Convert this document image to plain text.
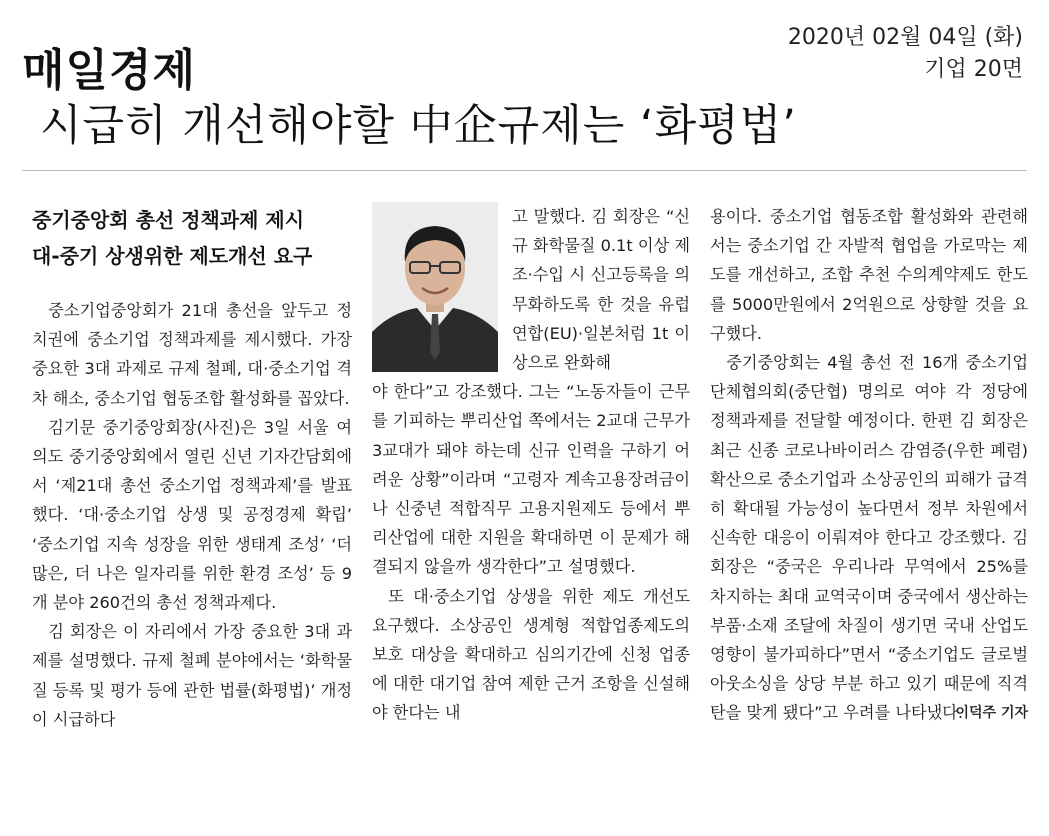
매일경제
2020년 02월 04일 (화)
기업 20면
시급히 개선해야할 中企규제는 ‘화평법’

중기중앙회 총선 정책과제 제시

대-중기 상생위한 제도개선 요구

중소기업중앙회가 21대 총선을 앞두고 정치권에 중소기업 정책과제를 제시했다. 가장 중요한 3대 과제로 규제 철폐, 대·중소기업 격차 해소, 중소기업 협동조합 활성화를 꼽았다.

김기문 중기중앙회장(사진)은 3일 서울 여의도 중기중앙회에서 열린 신년 기자간담회에서 ‘제21대 총선 중소기업 정책과제’를 발표했다. ‘대·중소기업 상생 및 공정경제 확립’ ‘중소기업 지속 성장을 위한 생태계 조성’ ‘더 많은, 더 나은 일자리를 위한 환경 조성’ 등 9개 분야 260건의 총선 정책과제다.

김 회장은 이 자리에서 가장 중요한 3대 과제를 설명했다. 규제 철폐 분야에서는 ‘화학물질 등록 및 평가 등에 관한 법률(화평법)’ 개정이 시급하다

고 말했다. 김 회장은 “신규 화학물질 0.1t 이상 제조·수입 시 신고등록을 의무화하도록 한 것을 유럽연합(EU)·일본처럼 1t 이상으로 완화해

야 한다”고 강조했다. 그는 “노동자들이 근무를 기피하는 뿌리산업 쪽에서는 2교대 근무가 3교대가 돼야 하는데 신규 인력을 구하기 어려운 상황”이라며 “고령자 계속고용장려금이나 신중년 적합직무 고용지원제도 등에서 뿌리산업에 대한 지원을 확대하면 이 문제가 해결되지 않을까 생각한다”고 설명했다.

또 대·중소기업 상생을 위한 제도 개선도 요구했다. 소상공인 생계형 적합업종제도의 보호 대상을 확대하고 심의기간에 신청 업종에 대한 대기업 참여 제한 근거 조항을 신설해야 한다는 내

용이다. 중소기업 협동조합 활성화와 관련해서는 중소기업 간 자발적 협업을 가로막는 제도를 개선하고, 조합 추천 수의계약제도 한도를 5000만원에서 2억원으로 상향할 것을 요구했다.

중기중앙회는 4월 총선 전 16개 중소기업단체협의회(중단협) 명의로 여야 각 정당에 정책과제를 전달할 예정이다. 한편 김 회장은 최근 신종 코로나바이러스 감염증(우한 폐렴) 확산으로 중소기업과 소상공인의 피해가 급격히 확대될 가능성이 높다면서 정부 차원에서 신속한 대응이 이뤄져야 한다고 강조했다. 김 회장은 “중국은 우리나라 무역에서 25%를 차지하는 최대 교역국이며 중국에서 생산하는 부품·소재 조달에 차질이 생기면 국내 산업도 영향이 불가피하다”면서 “중소기업도 글로벌 아웃소싱을 상당 부분 하고 있기 때문에 직격탄을 맞게 됐다”고 우려를 나타냈다.

이덕주 기자
